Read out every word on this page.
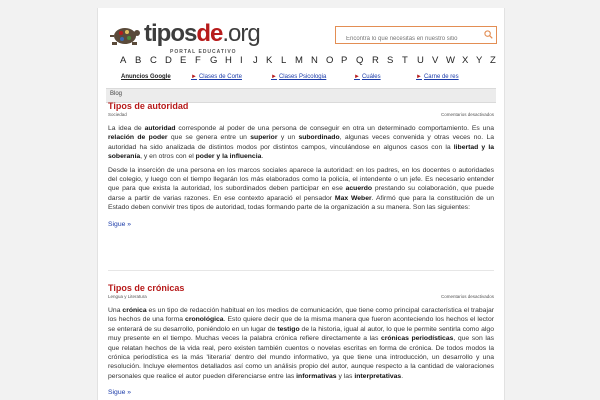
tiposde.org
PORTAL EDUCATIVO
Encontrá lo que necesitás en nuestro sitio
A B C D E F G H I J K L M N O P Q R S T U V W X Y Z
Anuncios Google	► Clases de Corte	► Clases Psicologia	► Cuáles	► Carne de res
Blog
Tipos de autoridad
Sociedad	Comentarios desactivados

La idea de autoridad corresponde al poder de una persona de conseguir en otra un determinado comportamiento. Es una relación de poder que se genera entre un superior y un subordinado, algunas veces convenida y otras veces no. La autoridad ha sido analizada de distintos modos por distintos campos, vinculándose en algunos casos con la libertad y la soberanía, y en otros con el poder y la influencia.

Desde la inserción de una persona en los marcos sociales aparece la autoridad: en los padres, en los docentes o autoridades del colegio, y luego con el tiempo llegarán los más elaborados como la policía, el intendente o un jefe. Es necesario entender que para que exista la autoridad, los subordinados deben participar en ese acuerdo prestando su colaboración, que puede darse a partir de varias razones. En ese contexto aparació el pensador Max Weber. Afirmó que para la constitución de un Estado deben convivir tres tipos de autoridad, todas formando parte de la organización a su manera. Son las siguientes:

Sigue »
Tipos de crónicas
Lengua y Literatura	Comentarios desactivados

Una crónica es un tipo de redacción habitual en los medios de comunicación, que tiene como principal característica el trabajar los hechos de una forma cronológica. Esto quiere decir que de la misma manera que fueron aconteciendo los hechos el lector se enterará de su desarrollo, poniéndolo en un lugar de testigo de la historia, igual al autor, lo que le permite sentirla como algo muy presente en el tiempo. Muchas veces la palabra crónica refiere directamente a las crónicas periodísticas, que son las que relatan hechos de la vida real, pero existen también cuentos o novelas escritas en forma de crónica. De todos modos la crónica periodística es la más 'literaria' dentro del mundo informativo, ya que tiene una introducción, un desarrollo y una resolución. Incluye elementos detallados así como un análisis propio del autor, aunque respecto a la cantidad de valoraciones personales que realice el autor pueden diferenciarse entre las informativas y las interpretativas.

Sigue »
